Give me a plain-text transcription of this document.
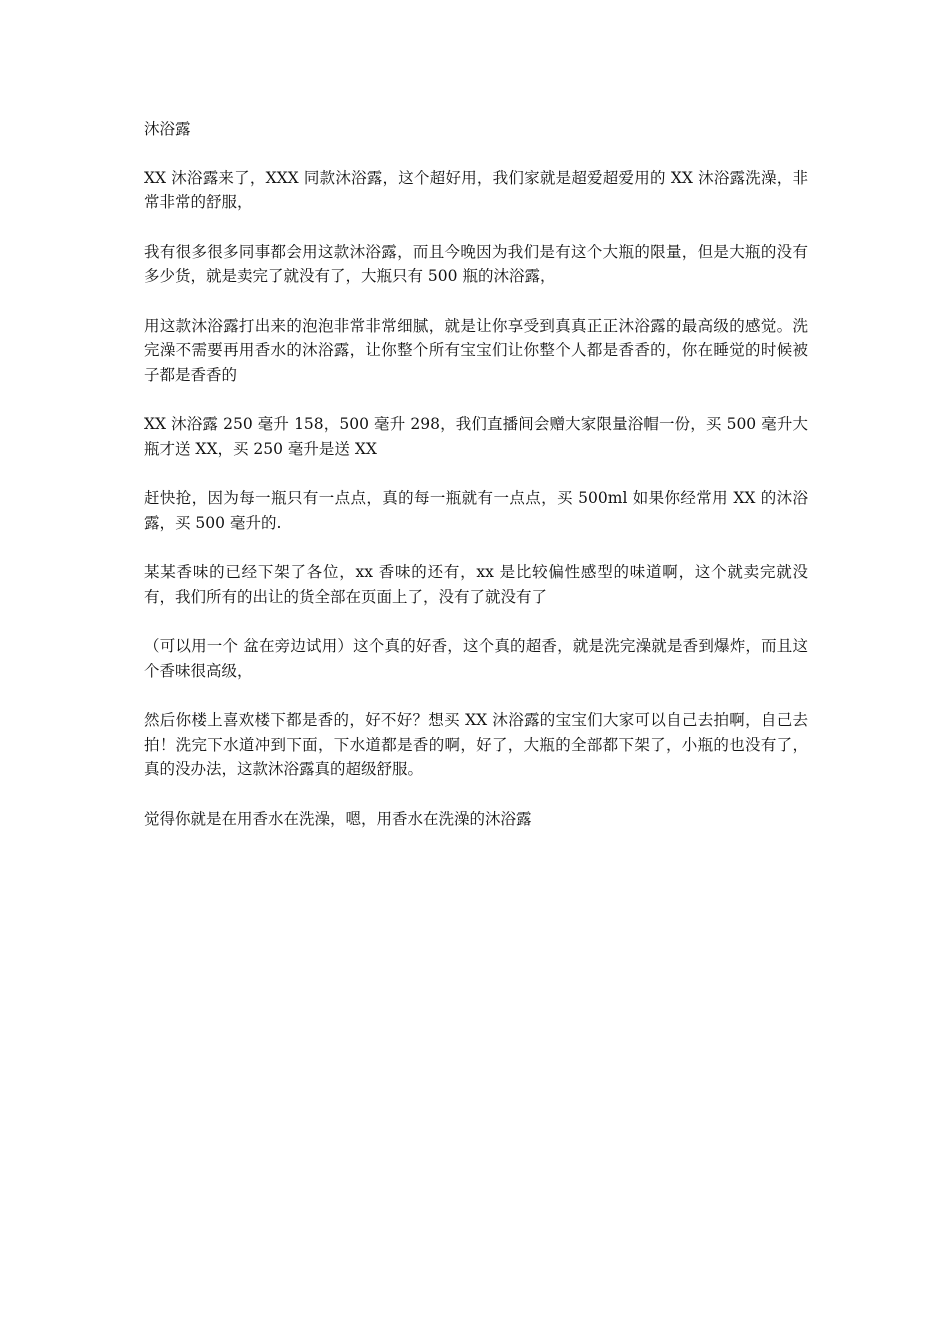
沐浴露

XX 沐浴露来了，XXX 同款沐浴露，这个超好用，我们家就是超爱超爱用的 XX 沐浴露洗澡，非常非常的舒服，

我有很多很多同事都会用这款沐浴露，而且今晚因为我们是有这个大瓶的限量，但是大瓶的没有多少货，就是卖完了就没有了，大瓶只有 500 瓶的沐浴露，

用这款沐浴露打出来的泡泡非常非常细腻，就是让你享受到真真正正沐浴露的最高级的感觉。洗完澡不需要再用香水的沐浴露，让你整个所有宝宝们让你整个人都是香香的，你在睡觉的时候被子都是香香的

XX 沐浴露 250 毫升 158，500 毫升 298，我们直播间会赠大家限量浴帽一份，买 500 毫升大瓶才送 XX，买 250 毫升是送 XX

赶快抢，因为每一瓶只有一点点，真的每一瓶就有一点点，买 500ml 如果你经常用 XX 的沐浴露，买 500 毫升的.

某某香味的已经下架了各位，xx 香味的还有，xx 是比较偏性感型的味道啊，这个就卖完就没有，我们所有的出让的货全部在页面上了，没有了就没有了

（可以用一个 盆在旁边试用）这个真的好香，这个真的超香，就是洗完澡就是香到爆炸，而且这个香味很高级，

然后你楼上喜欢楼下都是香的，好不好？想买 XX 沐浴露的宝宝们大家可以自己去拍啊，自己去拍！洗完下水道冲到下面，下水道都是香的啊，好了，大瓶的全部都下架了，小瓶的也没有了，真的没办法，这款沐浴露真的超级舒服。

觉得你就是在用香水在洗澡，嗯，用香水在洗澡的沐浴露
